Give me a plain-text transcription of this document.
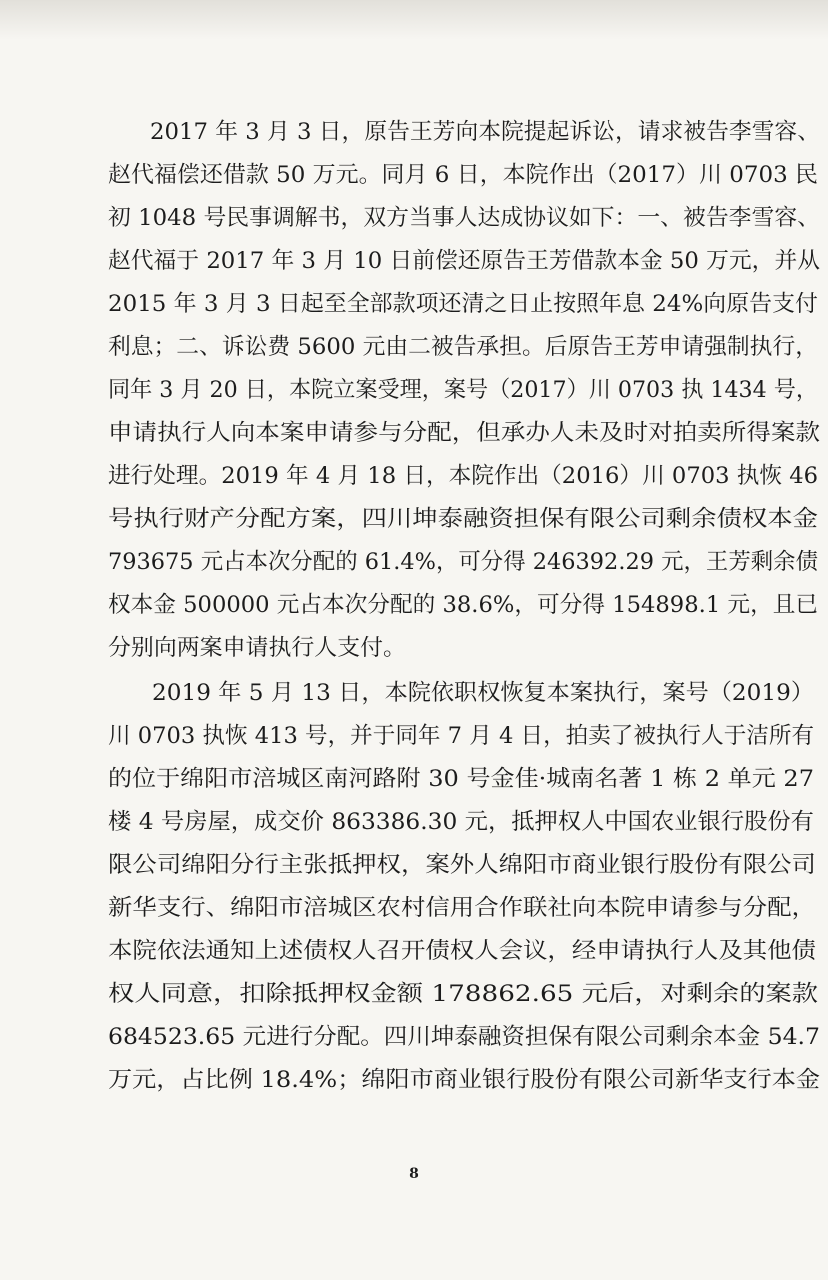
2017 年 3 月 3 日，原告王芳向本院提起诉讼，请求被告李雪容、
赵代福偿还借款 50 万元。同月 6 日，本院作出（2017）川 0703 民
初 1048 号民事调解书，双方当事人达成协议如下：一、被告李雪容、
赵代福于 2017 年 3 月 10 日前偿还原告王芳借款本金 50 万元，并从
2015 年 3 月 3 日起至全部款项还清之日止按照年息 24%向原告支付
利息；二、诉讼费 5600 元由二被告承担。后原告王芳申请强制执行，
同年 3 月 20 日，本院立案受理，案号（2017）川 0703 执 1434 号，
申请执行人向本案申请参与分配，但承办人未及时对拍卖所得案款
进行处理。2019 年 4 月 18 日，本院作出（2016）川 0703 执恢 46
号执行财产分配方案，四川坤泰融资担保有限公司剩余债权本金
793675 元占本次分配的 61.4%，可分得 246392.29 元，王芳剩余债
权本金 500000 元占本次分配的 38.6%，可分得 154898.1 元，且已
分别向两案申请执行人支付。
2019 年 5 月 13 日，本院依职权恢复本案执行，案号（2019）
川 0703 执恢 413 号，并于同年 7 月 4 日，拍卖了被执行人于洁所有
的位于绵阳市涪城区南河路附 30 号金佳·城南名著 1 栋 2 单元 27
楼 4 号房屋，成交价 863386.30 元，抵押权人中国农业银行股份有
限公司绵阳分行主张抵押权，案外人绵阳市商业银行股份有限公司
新华支行、绵阳市涪城区农村信用合作联社向本院申请参与分配，
本院依法通知上述债权人召开债权人会议，经申请执行人及其他债
权人同意，扣除抵押权金额 178862.65 元后，对剩余的案款
684523.65 元进行分配。四川坤泰融资担保有限公司剩余本金 54.7
万元，占比例 18.4%；绵阳市商业银行股份有限公司新华支行本金
8
